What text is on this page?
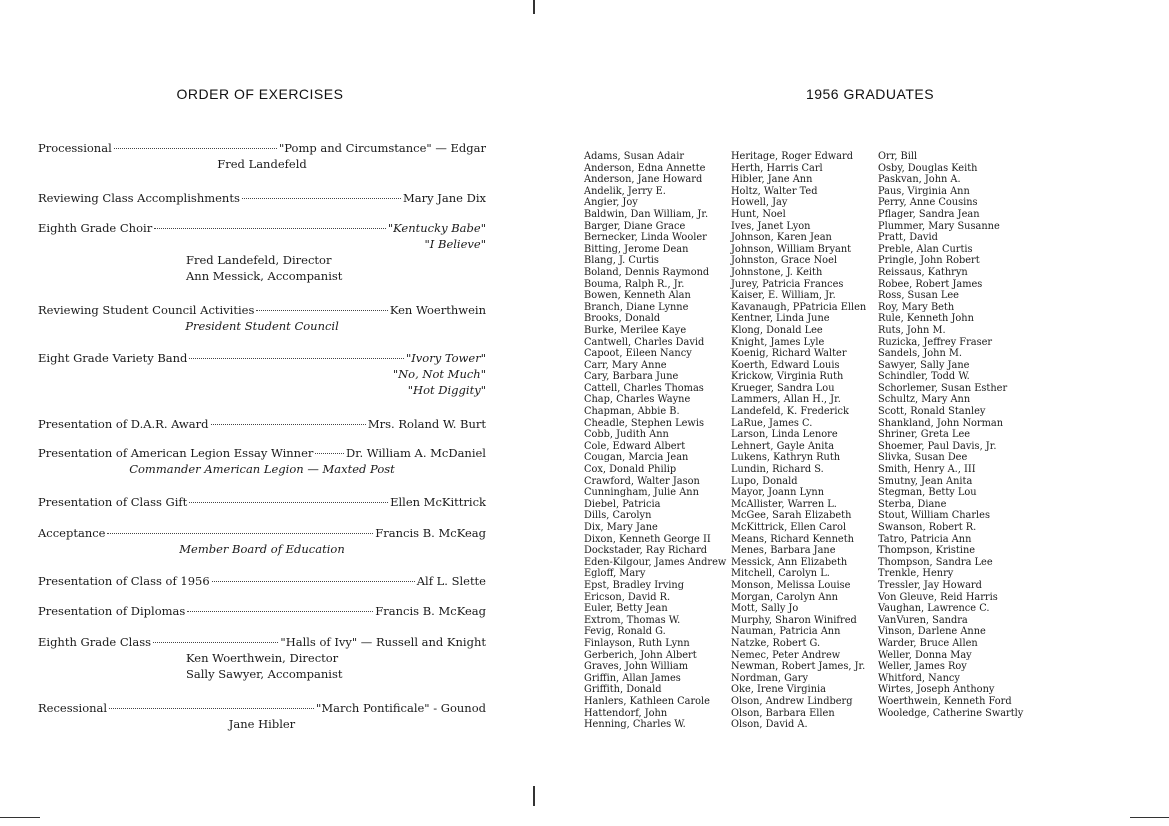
ORDER OF EXERCISES
Processional	"Pomp and Circumstance" — Edgar
Fred Landefeld
Reviewing Class Accomplishments	Mary Jane Dix
Eighth Grade Choir	"Kentucky Babe"
"I Believe"
Fred Landefeld, Director
Ann Messick, Accompanist
Reviewing Student Council Activities	Ken Woerthwein
President Student Council
Eight Grade Variety Band	"Ivory Tower"
"No, Not Much"
"Hot Diggity"
Presentation of D.A.R. Award	Mrs. Roland W. Burt
Presentation of American Legion Essay Winner	Dr. William A. McDaniel
Commander American Legion — Maxted Post
Presentation of Class Gift	Ellen McKittrick
Acceptance	Francis B. McKeag
Member Board of Education
Presentation of Class of 1956	Alf L. Slette
Presentation of Diplomas	Francis B. McKeag
Eighth Grade Class	"Halls of Ivy" — Russell and Knight
Ken Woerthwein, Director
Sally Sawyer, Accompanist
Recessional	"March Pontificale" - Gounod
Jane Hibler
1956 GRADUATES
Adams, Susan Adair
Anderson, Edna Annette
Anderson, Jane Howard
Andelik, Jerry E.
Angier, Joy
Baldwin, Dan William, Jr.
Barger, Diane Grace
Bernecker, Linda Wooler
Bitting, Jerome Dean
Blang, J. Curtis
Boland, Dennis Raymond
Bouma, Ralph R., Jr.
Bowen, Kenneth Alan
Branch, Diane Lynne
Brooks, Donald
Burke, Merilee Kaye
Cantwell, Charles David
Capoot, Eileen Nancy
Carr, Mary Anne
Cary, Barbara June
Cattell, Charles Thomas
Chap, Charles Wayne
Chapman, Abbie B.
Cheadle, Stephen Lewis
Cobb, Judith Ann
Cole, Edward Albert
Cougan, Marcia Jean
Cox, Donald Philip
Crawford, Walter Jason
Cunningham, Julie Ann
Diebel, Patricia
Dills, Carolyn
Dix, Mary Jane
Dixon, Kenneth George II
Dockstader, Ray Richard
Eden-Kilgour, James Andrew
Egloff, Mary
Epst, Bradley Irving
Ericson, David R.
Euler, Betty Jean
Extrom, Thomas W.
Fevig, Ronald G.
Finlayson, Ruth Lynn
Gerberich, John Albert
Graves, John William
Griffin, Allan James
Griffith, Donald
Hanlers, Kathleen Carole
Hattendorf, John
Henning, Charles W.
Heritage, Roger Edward
Herth, Harris Carl
Hibler, Jane Ann
Holtz, Walter Ted
Howell, Jay
Hunt, Noel
Ives, Janet Lyon
Johnson, Karen Jean
Johnson, William Bryant
Johnston, Grace Noel
Johnstone, J. Keith
Jurey, Patricia Frances
Kaiser, E. William, Jr.
Kavanaugh, PPatricia Ellen
Kentner, Linda June
Klong, Donald Lee
Knight, James Lyle
Koenig, Richard Walter
Koerth, Edward Louis
Krickow, Virginia Ruth
Krueger, Sandra Lou
Lammers, Allan H., Jr.
Landefeld, K. Frederick
LaRue, James C.
Larson, Linda Lenore
Lehnert, Gayle Anita
Lukens, Kathryn Ruth
Lundin, Richard S.
Lupo, Donald
Mayor, Joann Lynn
McAllister, Warren L.
McGee, Sarah Elizabeth
McKittrick, Ellen Carol
Means, Richard Kenneth
Menes, Barbara Jane
Messick, Ann Elizabeth
Mitchell, Carolyn L.
Monson, Melissa Louise
Morgan, Carolyn Ann
Mott, Sally Jo
Murphy, Sharon Winifred
Nauman, Patricia Ann
Natzke, Robert G.
Nemec, Peter Andrew
Newman, Robert James, Jr.
Nordman, Gary
Oke, Irene Virginia
Olson, Andrew Lindberg
Olson, Barbara Ellen
Olson, David A.
Orr, Bill
Osby, Douglas Keith
Paskvan, John A.
Paus, Virginia Ann
Perry, Anne Cousins
Pflager, Sandra Jean
Plummer, Mary Susanne
Pratt, David
Preble, Alan Curtis
Pringle, John Robert
Reissaus, Kathryn
Robee, Robert James
Ross, Susan Lee
Roy, Mary Beth
Rule, Kenneth John
Ruts, John M.
Ruzicka, Jeffrey Fraser
Sandels, John M.
Sawyer, Sally Jane
Schindler, Todd W.
Schorlemer, Susan Esther
Schultz, Mary Ann
Scott, Ronald Stanley
Shankland, John Norman
Shriner, Greta Lee
Shoemer, Paul Davis, Jr.
Slivka, Susan Dee
Smith, Henry A., III
Smutny, Jean Anita
Stegman, Betty Lou
Sterba, Diane
Stout, William Charles
Swanson, Robert R.
Tatro, Patricia Ann
Thompson, Kristine
Thompson, Sandra Lee
Trenkle, Henry
Tressler, Jay Howard
Von Gleuve, Reid Harris
Vaughan, Lawrence C.
VanVuren, Sandra
Vinson, Darlene Anne
Warder, Bruce Allen
Weller, Donna May
Weller, James Roy
Whitford, Nancy
Wirtes, Joseph Anthony
Woerthwein, Kenneth Ford
Wooledge, Catherine Swartly
